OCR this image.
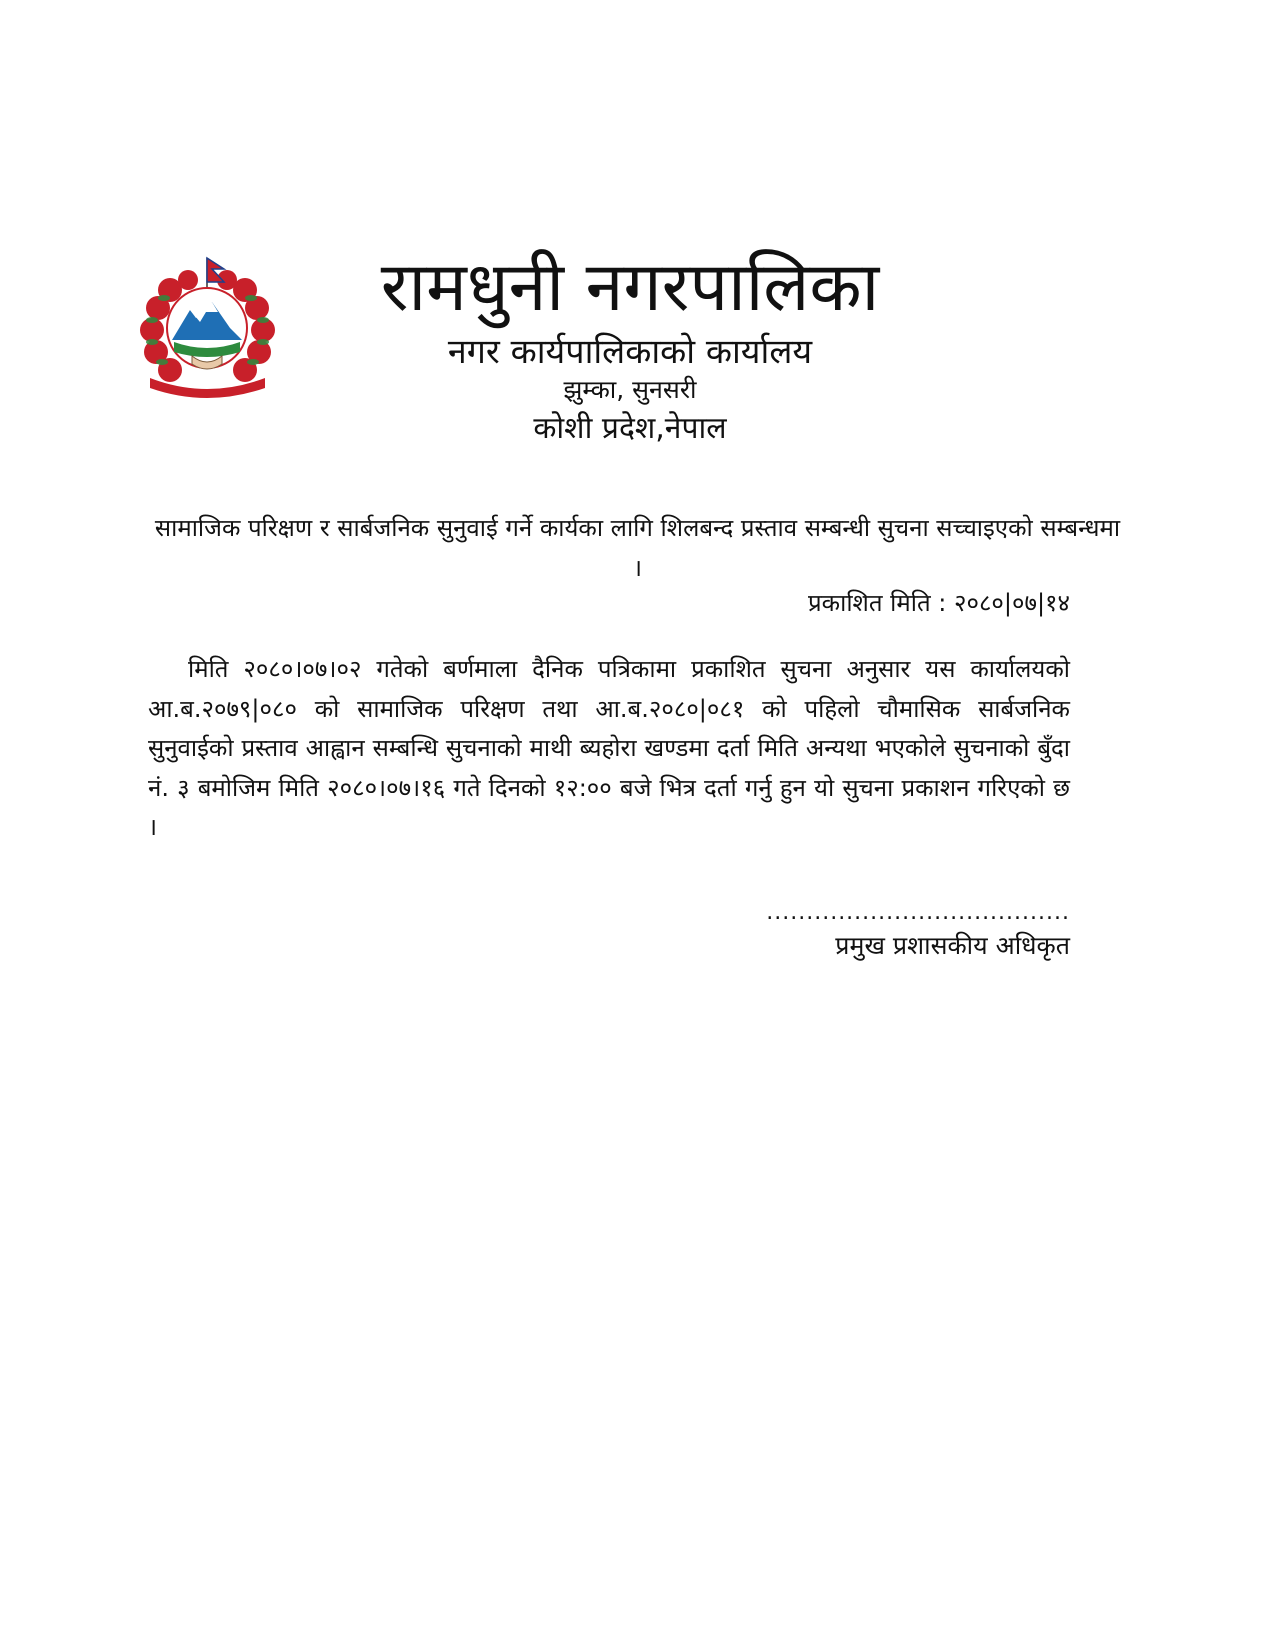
रामधुनी नगरपालिका
नगर कार्यपालिकाको कार्यालय
झुम्का, सुनसरी
कोशी प्रदेश,नेपाल
सामाजिक परिक्षण र सार्बजनिक सुनुवाई गर्ने कार्यका लागि शिलबन्द प्रस्ताव सम्बन्धी सुचना सच्चाइएको सम्बन्धमा ।
प्रकाशित मिति : २०८०|०७|१४
मिति २०८०।०७।०२ गतेको बर्णमाला दैनिक पत्रिकामा प्रकाशित सुचना अनुसार यस कार्यालयको आ.ब.२०७९|०८० को सामाजिक परिक्षण तथा आ.ब.२०८०|०८१ को पहिलो चौमासिक सार्बजनिक सुनुवाईको प्रस्ताव आह्वान सम्बन्धि सुचनाको माथी ब्यहोरा खण्डमा दर्ता मिति अन्यथा भएकोले सुचनाको बुँदा नं. ३ बमोजिम मिति २०८०।०७।१६ गते दिनको १२:०० बजे भित्र दर्ता गर्नु हुन यो सुचना प्रकाशन गरिएको छ ।
......................................
प्रमुख प्रशासकीय अधिकृत
